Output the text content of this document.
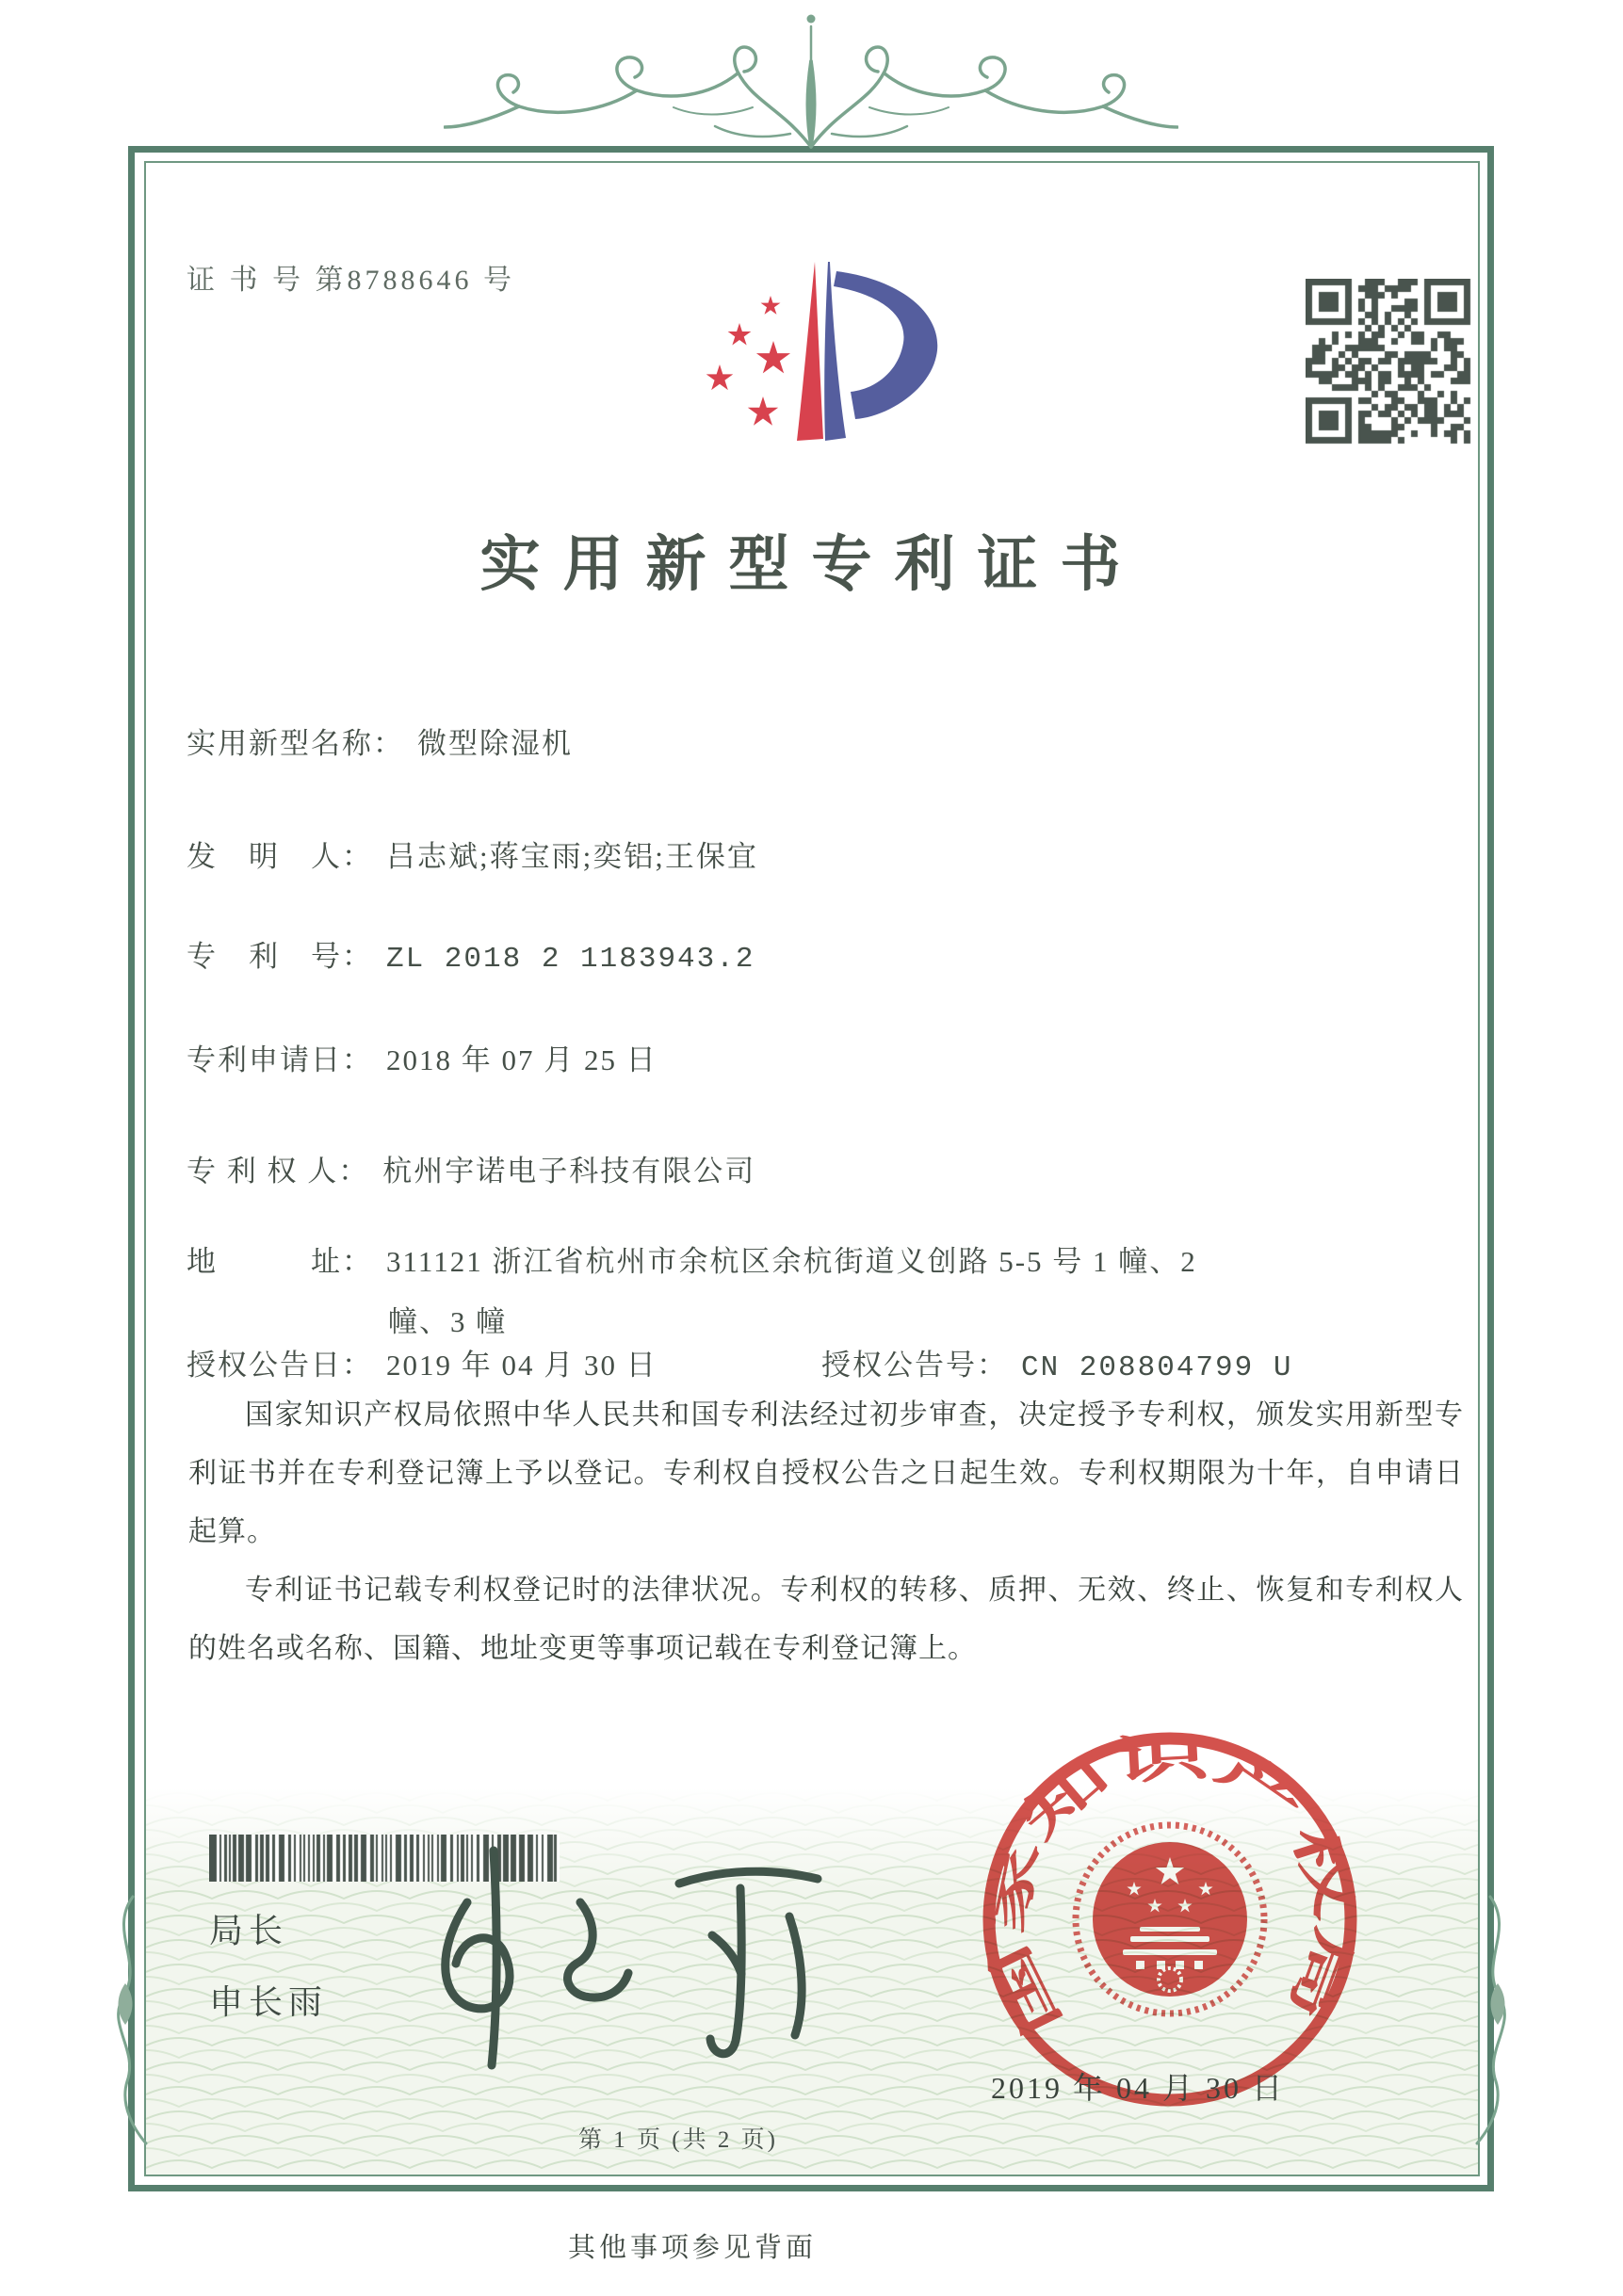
证 书 号 第8788646 号
实用新型专利证书
实用新型名称： 微型除湿机
发　明　人： 吕志斌;蒋宝雨;奕铝;王保宜
专　利　号： ZL 2018 2 1183943.2
专利申请日： 2018 年 07 月 25 日
专 利 权 人： 杭州宇诺电子科技有限公司
地　　　址： 311121 浙江省杭州市余杭区余杭街道义创路 5-5 号 1 幢、2
幢、3 幢
授权公告日： 2019 年 04 月 30 日	授权公告号： CN 208804799 U

国家知识产权局依照中华人民共和国专利法经过初步审查，决定授予专利权，颁发实用新型专利证书并在专利登记簿上予以登记。专利权自授权公告之日起生效。专利权期限为十年，自申请日起算。

专利证书记载专利权登记时的法律状况。专利权的转移、质押、无效、终止、恢复和专利权人的姓名或名称、国籍、地址变更等事项记载在专利登记簿上。

局长
申长雨	国家知识产权局
2019 年 04 月 30 日
第 1 页 (共 2 页)
其他事项参见背面
